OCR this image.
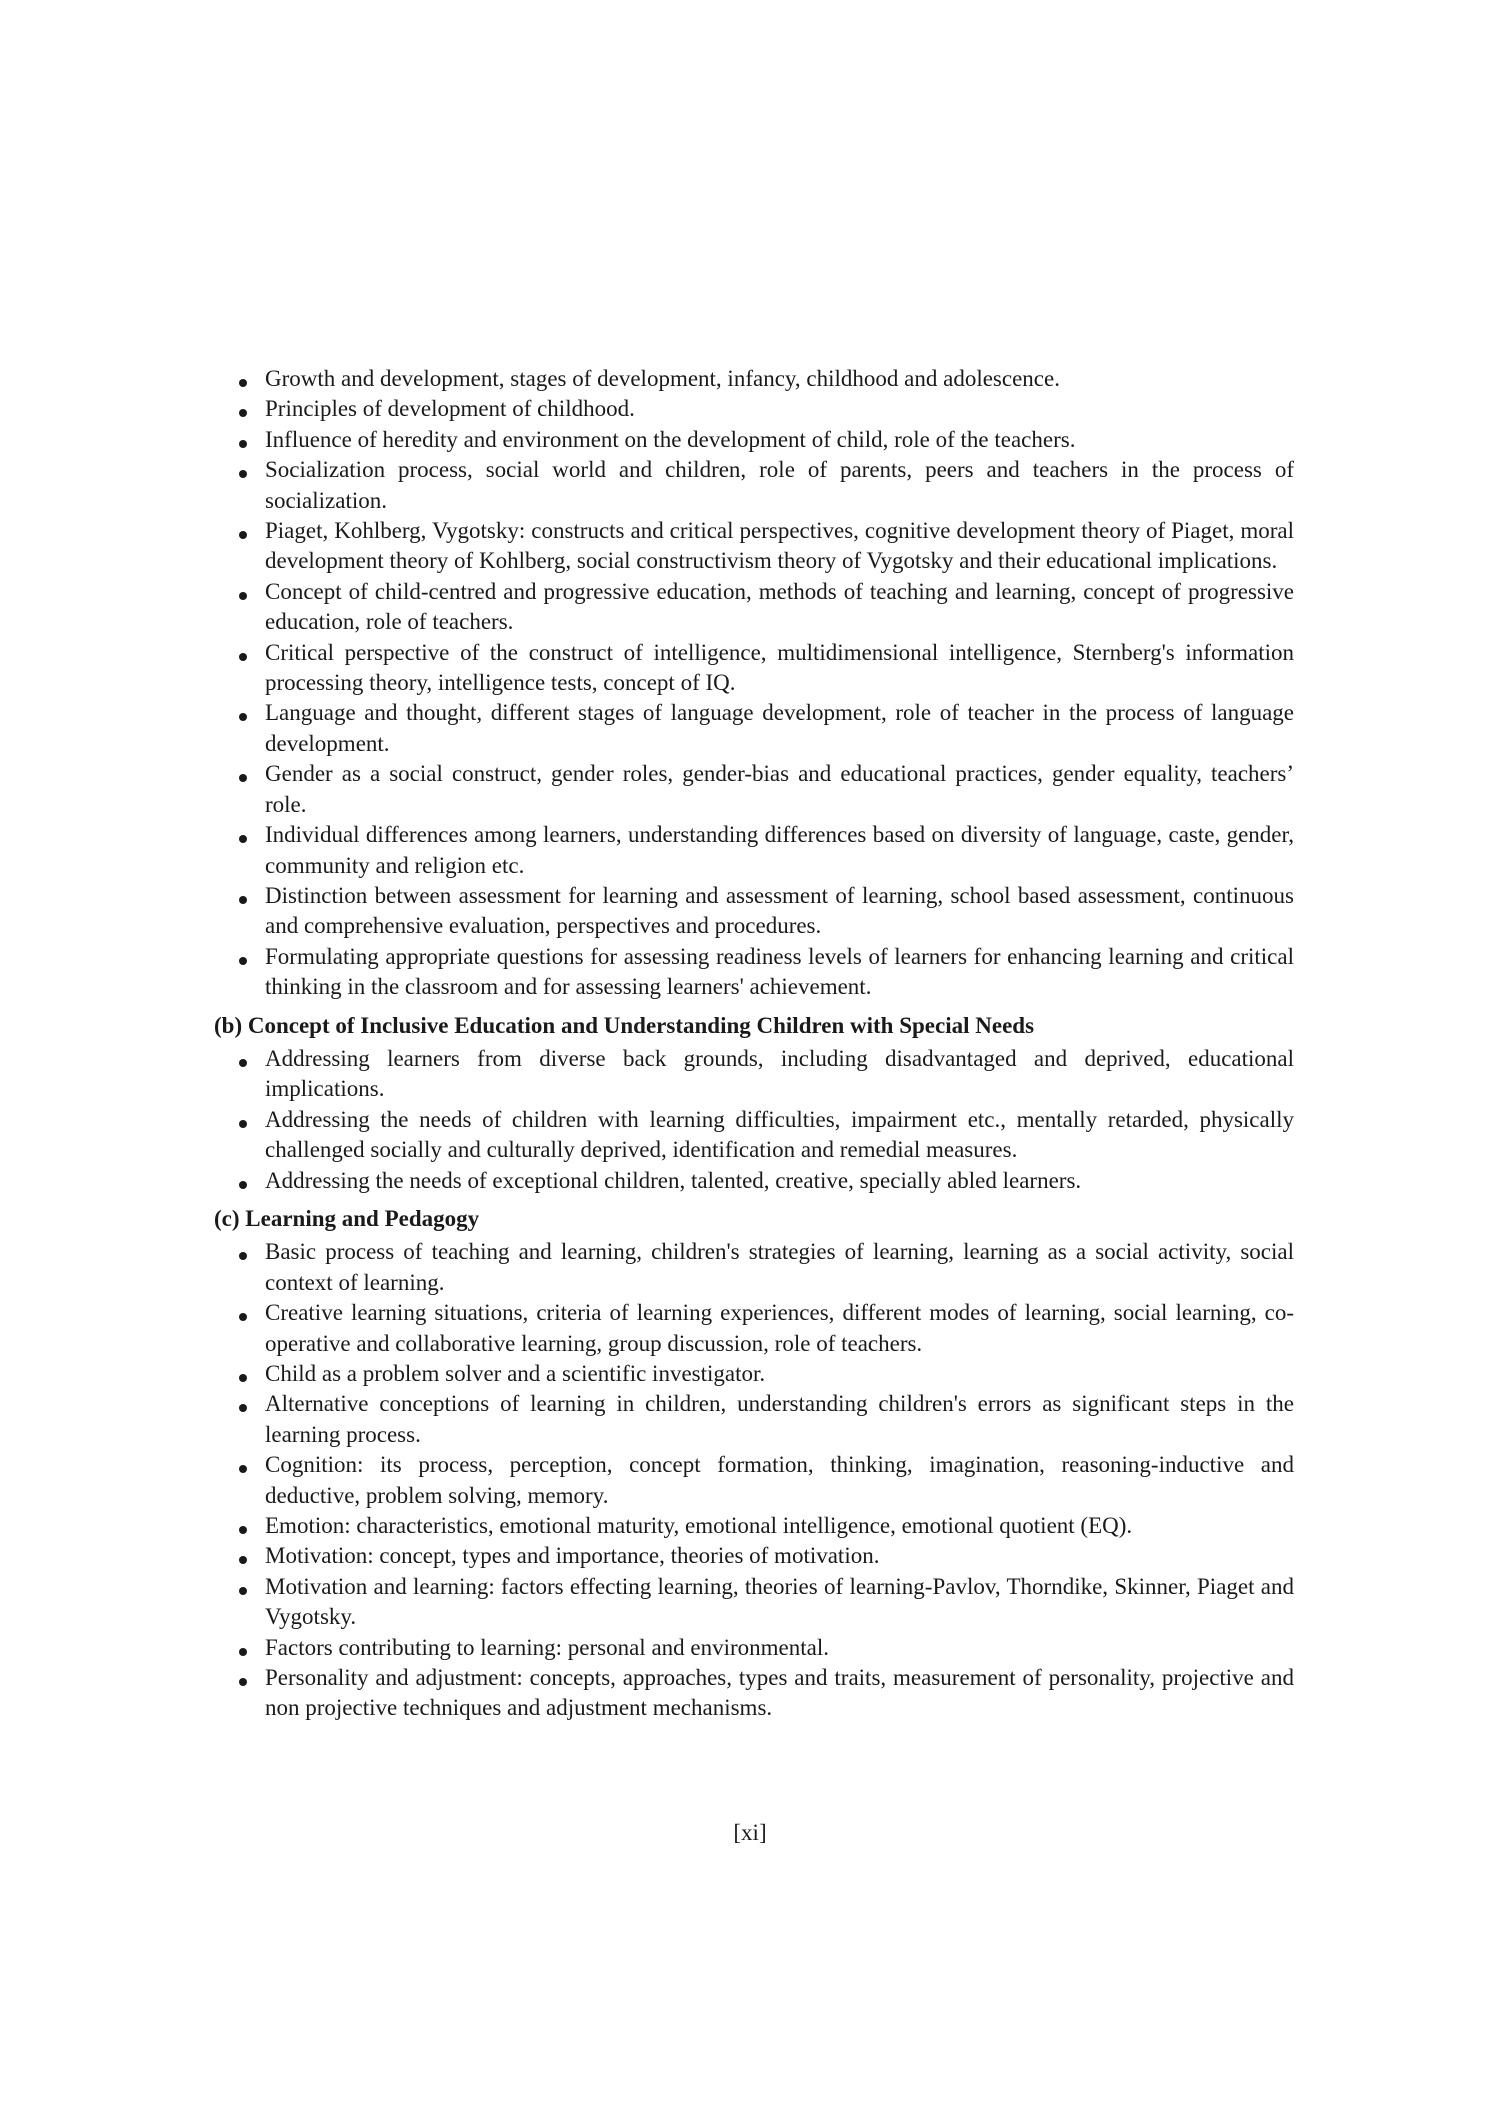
Growth and development, stages of development, infancy, childhood and adolescence.
Principles of development of childhood.
Influence of heredity and environment on the development of child, role of the teachers.
Socialization process, social world and children, role of parents, peers and teachers in the process of socialization.
Piaget, Kohlberg, Vygotsky: constructs and critical perspectives, cognitive development theory of Piaget, moral development theory of Kohlberg, social constructivism theory of Vygotsky and their educational implications.
Concept of child-centred and progressive education, methods of teaching and learning, concept of progressive education, role of teachers.
Critical perspective of the construct of intelligence, multidimensional intelligence, Sternberg's information processing theory, intelligence tests, concept of IQ.
Language and thought, different stages of language development, role of teacher in the process of language development.
Gender as a social construct, gender roles, gender-bias and educational practices, gender equality, teachers’ role.
Individual differences among learners, understanding differences based on diversity of language, caste, gender, community and religion etc.
Distinction between assessment for learning and assessment of learning, school based assessment, continuous and comprehensive evaluation, perspectives and procedures.
Formulating appropriate questions for assessing readiness levels of learners for enhancing learning and critical thinking in the classroom and for assessing learners' achievement.
(b) Concept of Inclusive Education and Understanding Children with Special Needs
Addressing learners from diverse back grounds, including disadvantaged and deprived, educational implications.
Addressing the needs of children with learning difficulties, impairment etc., mentally retarded, physically challenged socially and culturally deprived, identification and remedial measures.
Addressing the needs of exceptional children, talented, creative, specially abled learners.
(c) Learning and Pedagogy
Basic process of teaching and learning, children's strategies of learning, learning as a social activity, social context of learning.
Creative learning situations, criteria of learning experiences, different modes of learning, social learning, co-operative and collaborative learning, group discussion, role of teachers.
Child as a problem solver and a scientific investigator.
Alternative conceptions of learning in children, understanding children's errors as significant steps in the learning process.
Cognition: its process, perception, concept formation, thinking, imagination, reasoning-inductive and deductive, problem solving, memory.
Emotion: characteristics, emotional maturity, emotional intelligence, emotional quotient (EQ).
Motivation: concept, types and importance, theories of motivation.
Motivation and learning: factors effecting learning, theories of learning-Pavlov, Thorndike, Skinner, Piaget and Vygotsky.
Factors contributing to learning: personal and environmental.
Personality and adjustment: concepts, approaches, types and traits, measurement of personality, projective and non projective techniques and adjustment mechanisms.
[xi]
